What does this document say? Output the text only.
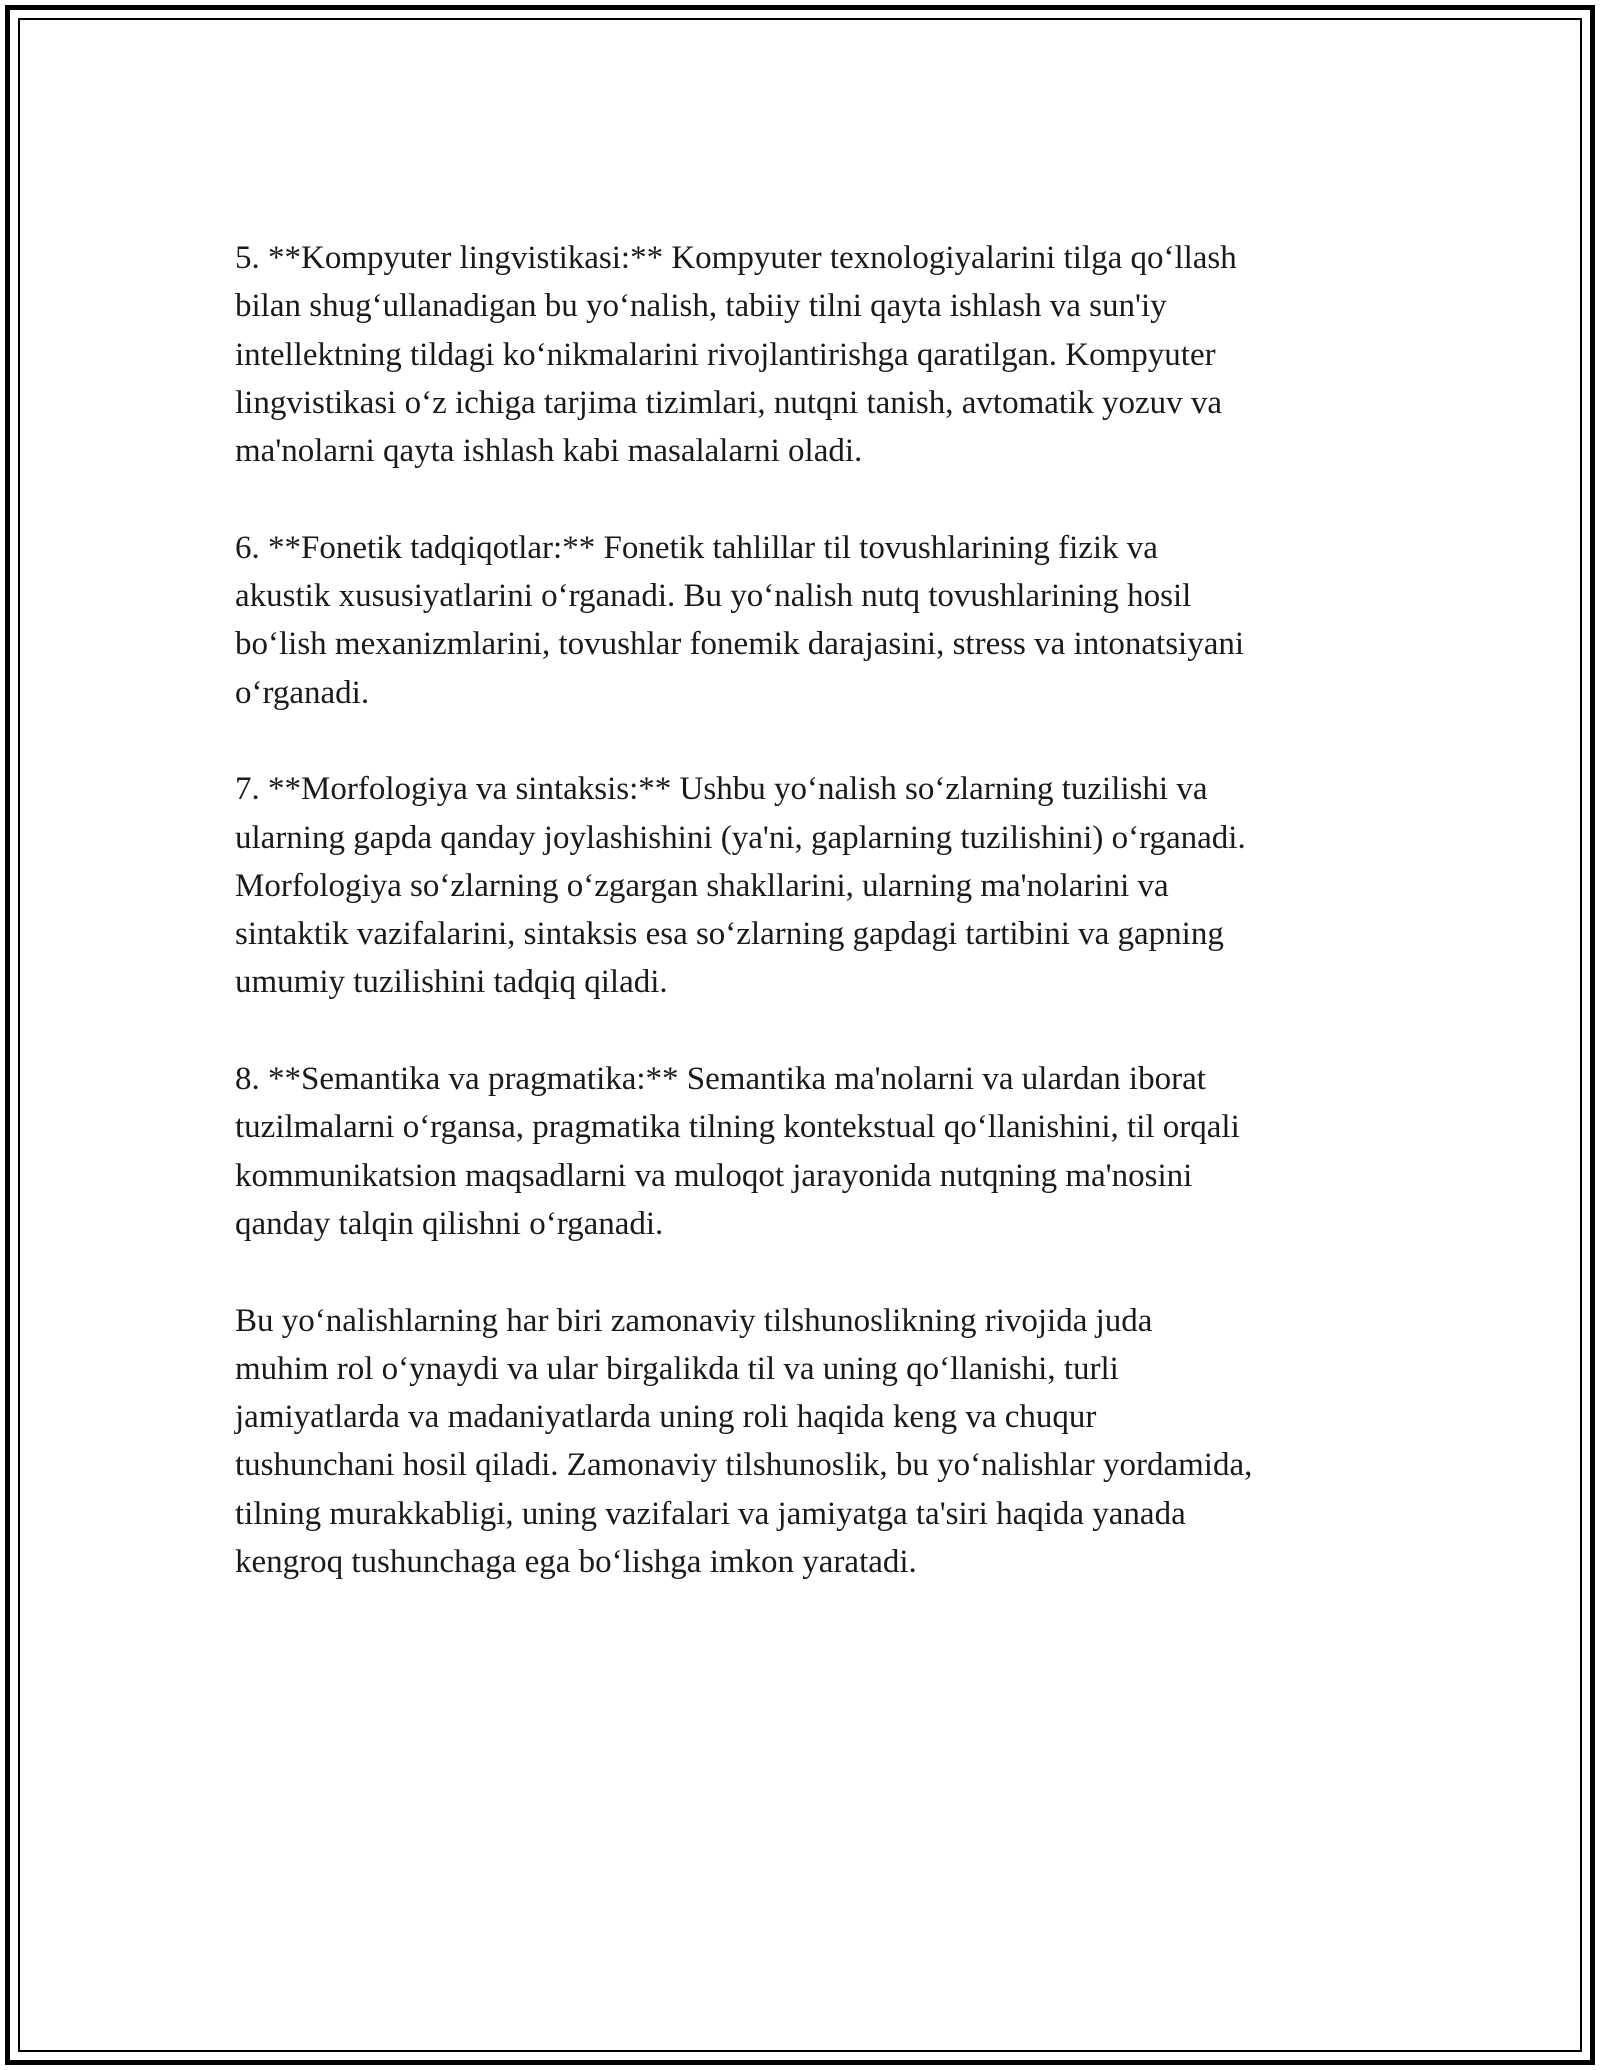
5. **Kompyuter lingvistikasi:** Kompyuter texnologiyalarini tilga qo‘llash
bilan shug‘ullanadigan bu yo‘nalish, tabiiy tilni qayta ishlash va sun'iy
intellektning tildagi ko‘nikmalarini rivojlantirishga qaratilgan. Kompyuter
lingvistikasi o‘z ichiga tarjima tizimlari, nutqni tanish, avtomatik yozuv va
ma'nolarni qayta ishlash kabi masalalarni oladi.

6. **Fonetik tadqiqotlar:** Fonetik tahlillar til tovushlarining fizik va
akustik xususiyatlarini o‘rganadi. Bu yo‘nalish nutq tovushlarining hosil
bo‘lish mexanizmlarini, tovushlar fonemik darajasini, stress va intonatsiyani
o‘rganadi.

7. **Morfologiya va sintaksis:** Ushbu yo‘nalish so‘zlarning tuzilishi va
ularning gapda qanday joylashishini (ya'ni, gaplarning tuzilishini) o‘rganadi.
Morfologiya so‘zlarning o‘zgargan shakllarini, ularning ma'nolarini va
sintaktik vazifalarini, sintaksis esa so‘zlarning gapdagi tartibini va gapning
umumiy tuzilishini tadqiq qiladi.

8. **Semantika va pragmatika:** Semantika ma'nolarni va ulardan iborat
tuzilmalarni o‘rgansa, pragmatika tilning kontekstual qo‘llanishini, til orqali
kommunikatsion maqsadlarni va muloqot jarayonida nutqning ma'nosini
qanday talqin qilishni o‘rganadi.

Bu yo‘nalishlarning har biri zamonaviy tilshunoslikning rivojida juda
muhim rol o‘ynaydi va ular birgalikda til va uning qo‘llanishi, turli
jamiyatlarda va madaniyatlarda uning roli haqida keng va chuqur
tushunchani hosil qiladi. Zamonaviy tilshunoslik, bu yo‘nalishlar yordamida,
tilning murakkabligi, uning vazifalari va jamiyatga ta'siri haqida yanada
kengroq tushunchaga ega bo‘lishga imkon yaratadi.
